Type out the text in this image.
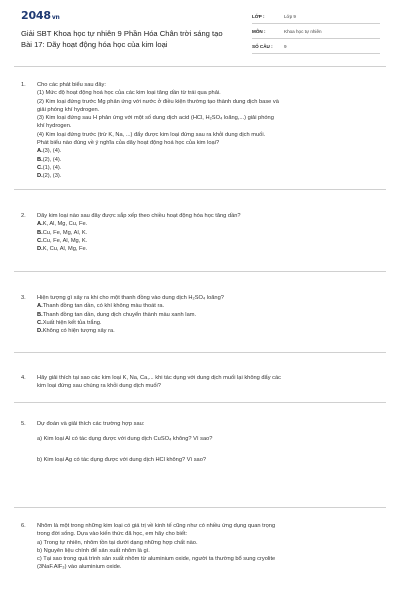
2048vn
Giải SBT Khoa học tự nhiên 9 Phần Hóa Chân trời sáng tạo
Bài 17: Dãy hoạt động hóa học của kim loại
LỚP :	Lớp 9
MÔN :	Khoa học tự nhiên
SỐ CÂU : 9
1. Cho các phát biểu sau đây:

(1) Mức độ hoạt động hoá học của các kim loại tăng dần từ trái qua phải.

(2) Kim loại đứng trước Mg phản ứng với nước ở điều kiện thường tạo thành dung dịch base và

giải phóng khí hydrogen.

(3) Kim loại đứng sau H phản ứng với một số dung dịch acid (HCl, H₂SO₄ loãng,...) giải phóng

khí hydrogen.

(4) Kim loại đứng trước (trừ K, Na, ...) đẩy được kim loại đứng sau ra khỏi dung dịch muối.

Phát biểu nào đúng về ý nghĩa của dãy hoạt động hoá học của kim loại?

A.(3), (4).

B.(2), (4).

C.(1), (4).

D.(2), (3).

2. Dãy kim loại nào sau đây được sắp xếp theo chiều hoạt động hóa học tăng dần?

A.K, Al, Mg, Cu, Fe.

B.Cu, Fe, Mg, Al, K.

C.Cu, Fe, Al, Mg, K.

D.K, Cu, Al, Mg, Fe.

3. Hiện tượng gì xảy ra khi cho một thanh đồng vào dung dịch H₂SO₄ loãng?

A.Thanh đồng tan dần, có khí không màu thoát ra.

B.Thanh đồng tan dần, dung dịch chuyển thành màu xanh lam.

C.Xuất hiện kết tủa trắng.

D.Không có hiện tượng xảy ra.

4. Hãy giải thích tại sao các kim loại K, Na, Ca,... khi tác dụng với dung dịch muối lại không đẩy các

kim loại đứng sau chúng ra khỏi dung dịch muối?

5. Dự đoán và giải thích các trường hợp sau:

a) Kim loại Al có tác dụng được với dung dịch CuSO₄ không? Vì sao?

b) Kim loại Ag có tác dụng được với dung dịch HCl không? Vì sao?

6. Nhôm là một trong những kim loại có giá trị về kinh tế cũng như có nhiều ứng dụng quan trọng

trong đời sống. Dựa vào kiến thức đã học, em hãy cho biết:

a) Trong tự nhiên, nhôm tồn tại dưới dạng những hợp chất nào.

b) Nguyên liệu chính để sản xuất nhôm là gì.

c) Tại sao trong quá trình sản xuất nhôm từ aluminium oxide, người ta thường bổ sung cryolite

(3NaF.AlF₃) vào aluminium oxide.
